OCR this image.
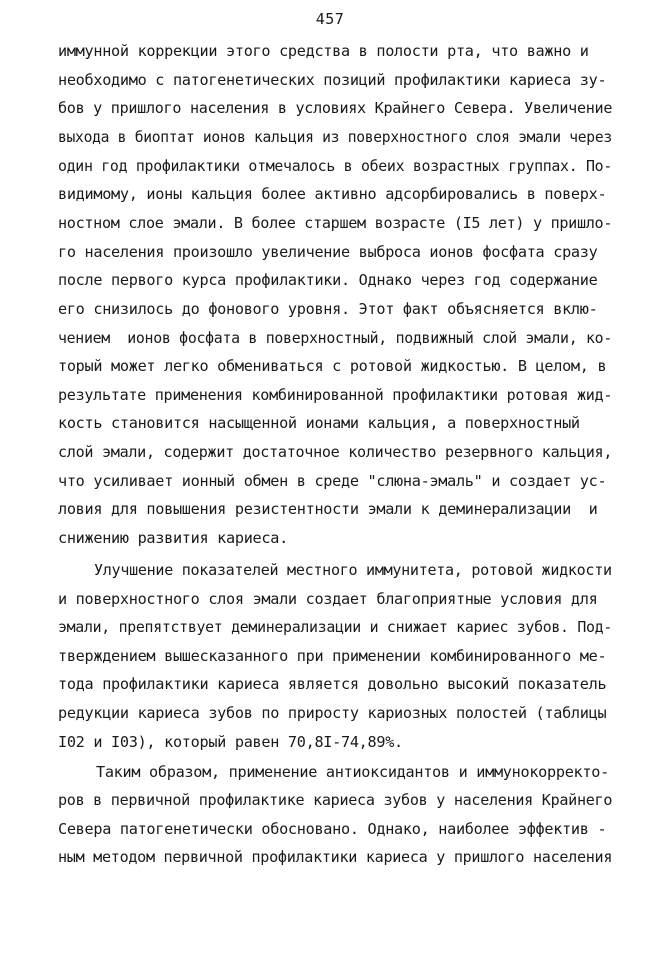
457
иммунной коррекции этого средства в полости рта, что важно и
необходимо с патогенетических позиций профилактики кариеса зу-
бов у пришлого населения в условиях Крайнего Севера. Увеличение
выхода в биоптат ионов кальция из поверхностного слоя эмали через
один год профилактики отмечалось в обеих возрастных группах. По-
видимому, ионы кальция более активно адсорбировались в поверх-
ностном слое эмали. В более старшем возрасте (I5 лет) у пришло-
го населения произошло увеличение выброса ионов фосфата сразу
после первого курса профилактики. Однако через год содержание
его снизилось до фонового уровня. Этот факт объясняется вклю-
чением  ионов фосфата в поверхностный, подвижный слой эмали, ко-
торый может легко обмениваться с ротовой жидкостью. В целом, в
результате применения комбинированной профилактики ротовая жид-
кость становится насыщенной ионами кальция, а поверхностный
слой эмали, содержит достаточное количество резервного кальция,
что усиливает ионный обмен в среде "слюна-эмаль" и создает ус-
ловия для повышения резистентности эмали к деминерализации  и
снижению развития кариеса.
Улучшение показателей местного иммунитета, ротовой жидкости
и поверхностного слоя эмали создает благоприятные условия для
эмали, препятствует деминерализации и снижает кариес зубов. Под-
тверждением вышесказанного при применении комбинированного ме-
тода профилактики кариеса является довольно высокий показатель
редукции кариеса зубов по приросту кариозных полостей (таблицы
I02 и I03), который равен 70,8I-74,89%.
Таким образом, применение антиоксидантов и иммунокорректо-
ров в первичной профилактике кариеса зубов у населения Крайнего
Севера патогенетически обосновано. Однако, наиболее эффектив -
ным методом первичной профилактики кариеса у пришлого населения
